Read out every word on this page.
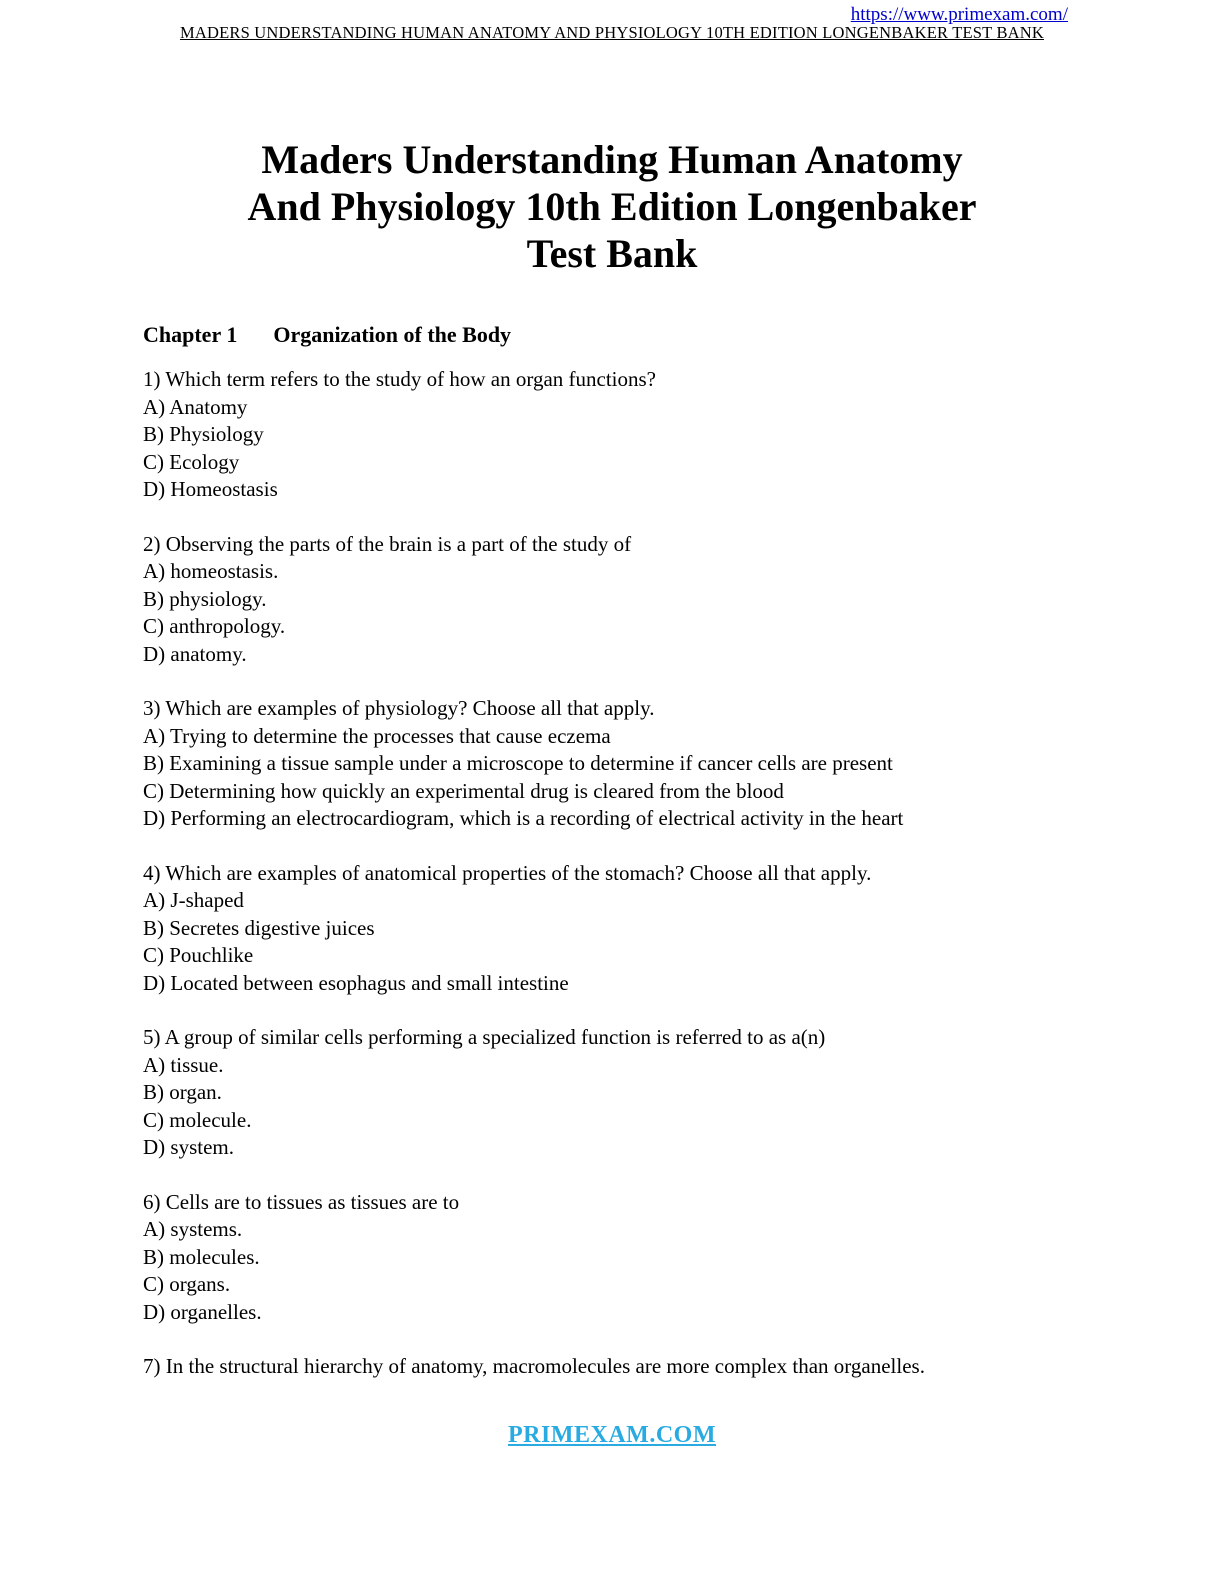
https://www.primexam.com/
MADERS UNDERSTANDING HUMAN ANATOMY AND PHYSIOLOGY 10TH EDITION LONGENBAKER TEST BANK
Maders Understanding Human Anatomy
And Physiology 10th Edition Longenbaker
Test Bank
Chapter 1 Organization of the Body
1) Which term refers to the study of how an organ functions?
A) Anatomy
B) Physiology
C) Ecology
D) Homeostasis
2) Observing the parts of the brain is a part of the study of
A) homeostasis.
B) physiology.
C) anthropology.
D) anatomy.
3) Which are examples of physiology? Choose all that apply.
A) Trying to determine the processes that cause eczema
B) Examining a tissue sample under a microscope to determine if cancer cells are present
C) Determining how quickly an experimental drug is cleared from the blood
D) Performing an electrocardiogram, which is a recording of electrical activity in the heart
4) Which are examples of anatomical properties of the stomach? Choose all that apply.
A) J-shaped
B) Secretes digestive juices
C) Pouchlike
D) Located between esophagus and small intestine
5) A group of similar cells performing a specialized function is referred to as a(n)
A) tissue.
B) organ.
C) molecule.
D) system.
6) Cells are to tissues as tissues are to
A) systems.
B) molecules.
C) organs.
D) organelles.
7) In the structural hierarchy of anatomy, macromolecules are more complex than organelles.
PRIMEXAM.COM
